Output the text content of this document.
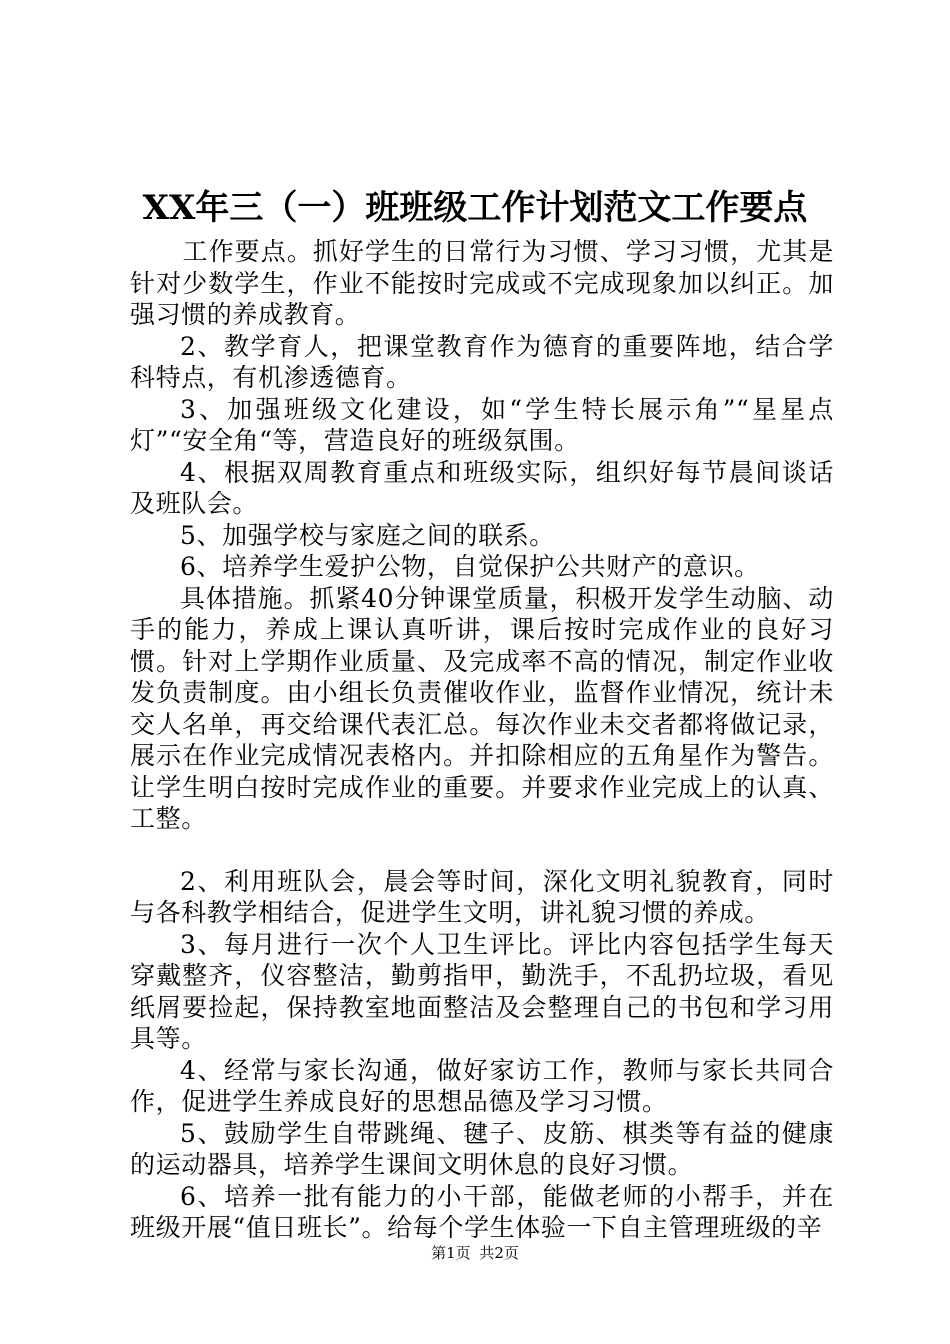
XX年三（一）班班级工作计划范文工作要点

工作要点。抓好学生的日常行为习惯、学习习惯，尤其是针对少数学生，作业不能按时完成或不完成现象加以纠正。加强习惯的养成教育。

2、教学育人，把课堂教育作为德育的重要阵地，结合学科特点，有机渗透德育。

3、加强班级文化建设，如“学生特长展示角”“星星点灯”“安全角“等，营造良好的班级氛围。

4、根据双周教育重点和班级实际，组织好每节晨间谈话及班队会。

5、加强学校与家庭之间的联系。

6、培养学生爱护公物，自觉保护公共财产的意识。

具体措施。抓紧40分钟课堂质量，积极开发学生动脑、动手的能力，养成上课认真听讲，课后按时完成作业的良好习惯。针对上学期作业质量、及完成率不高的情况，制定作业收发负责制度。由小组长负责催收作业，监督作业情况，统计未交人名单，再交给课代表汇总。每次作业未交者都将做记录，展示在作业完成情况表格内。并扣除相应的五角星作为警告。让学生明白按时完成作业的重要。并要求作业完成上的认真、工整。

2、利用班队会，晨会等时间，深化文明礼貌教育，同时与各科教学相结合，促进学生文明，讲礼貌习惯的养成。

3、每月进行一次个人卫生评比。评比内容包括学生每天穿戴整齐，仪容整洁，勤剪指甲，勤洗手，不乱扔垃圾，看见纸屑要捡起，保持教室地面整洁及会整理自己的书包和学习用具等。

4、经常与家长沟通，做好家访工作，教师与家长共同合作，促进学生养成良好的思想品德及学习习惯。

5、鼓励学生自带跳绳、毽子、皮筋、棋类等有益的健康的运动器具，培养学生课间文明休息的良好习惯。

6、培养一批有能力的小干部，能做老师的小帮手，并在班级开展“值日班长”。给每个学生体验一下自主管理班级的辛

第1页 共2页
